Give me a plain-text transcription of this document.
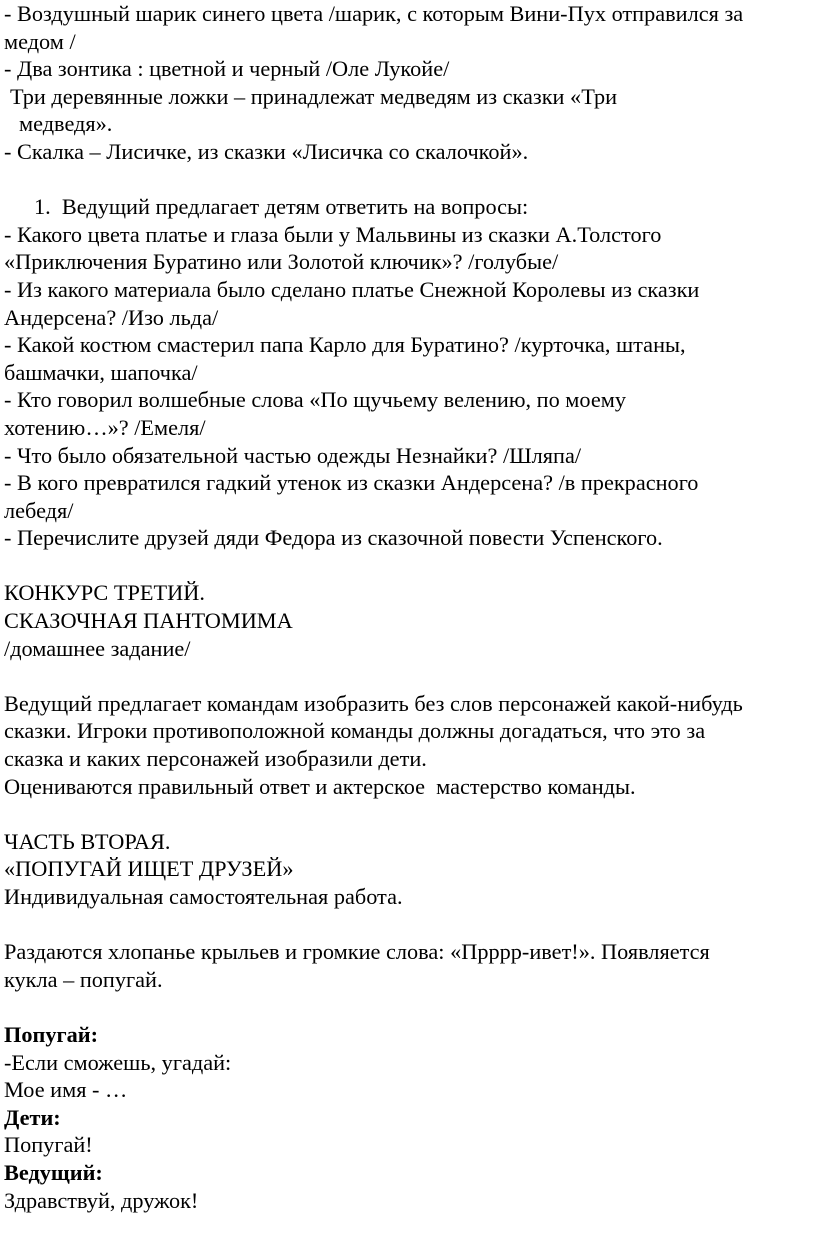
- Воздушный шарик синего цвета /шарик, с которым Вини-Пух отправился за
медом /
- Два зонтика : цветной и черный /Оле Лукойе/
Три деревянные ложки – принадлежат медведям из сказки «Три
медведя».
- Скалка – Лисичке, из сказки «Лисичка со скалочкой».
1.  Ведущий предлагает детям ответить на вопросы:
- Какого цвета платье и глаза были у Мальвины из сказки А.Толстого
«Приключения Буратино или Золотой ключик»? /голубые/
- Из какого материала было сделано платье Снежной Королевы из сказки
Андерсена? /Изо льда/
- Какой костюм смастерил папа Карло для Буратино? /курточка, штаны,
башмачки, шапочка/
- Кто говорил волшебные слова «По щучьему велению, по моему
хотению…»? /Емеля/
- Что было обязательной частью одежды Незнайки? /Шляпа/
- В кого превратился гадкий утенок из сказки Андерсена? /в прекрасного
лебедя/
- Перечислите друзей дяди Федора из сказочной повести Успенского.
КОНКУРС ТРЕТИЙ.
СКАЗОЧНАЯ ПАНТОМИМА
/домашнее задание/
Ведущий предлагает командам изобразить без слов персонажей какой-нибудь
сказки. Игроки противоположной команды должны догадаться, что это за
сказка и каких персонажей изобразили дети.
Оцениваются правильный ответ и актерское  мастерство команды.
ЧАСТЬ ВТОРАЯ.
«ПОПУГАЙ ИЩЕТ ДРУЗЕЙ»
Индивидуальная самостоятельная работа.
Раздаются хлопанье крыльев и громкие слова: «Прррр-ивет!». Появляется
кукла – попугай.
Попугай:
-Если сможешь, угадай:
Мое имя - …
Дети:
Попугай!
Ведущий:
Здравствуй, дружок!
